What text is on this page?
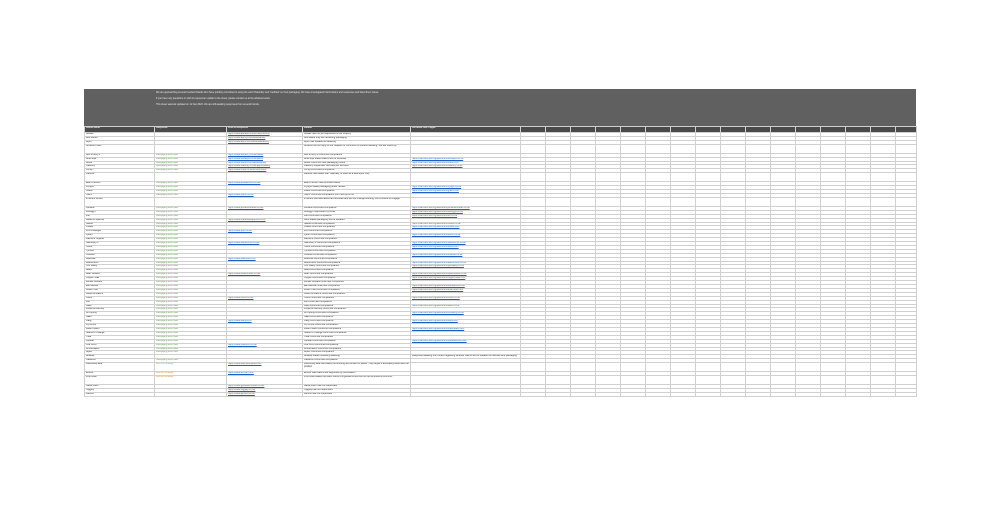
We are approaching several hundred brands who have publicly committed to using the word 'Naturally' and 'Certified' on their packaging. We have investigated brand claims and responses and listed them below.

If you have any questions or wish to request an update to the sheet, please contact us at the address below.

This sheet was last updated on 12 Jan 2022. We are still awaiting responses from several brands.

Brand name	Response	Link to Response	Details	Archived URL Pages																
Adidas		https://www.adidas.com/us/help/returns	Adidas has not yet responded to our enquiry																	
Aldi Stores		https://www.aldi.co.uk/sustainability	Aldi stated they are reviewing packaging																	
Alpro		https://www.alpro.com/uk/sustainability	Alpro has updated its labelling																	
Amazon Fresh			Amazon did not reply to our request for comment on product labelling. We will follow up.																	
Ben & Jerry's	Complying from now	https://www.benjerry.co.uk/values	Ben & Jerry's confirmed compliance																	
Birds Eye	Complying from now	https://www.birdseye.co.uk/about	Birds Eye stated claims will be removed	https://web.archive.org/web/2021/birdseye.co.uk																
Boots	Complying from now	https://www.boots.com/sustainability	Boots confirmed new packaging rollout	https://web.archive.org/web/2021/boots.com																
Cadbury	Complying from now	https://www.cadbury.co.uk/responsibility	Cadbury responded via customer services	https://web.archive.org/web/2021/cadbury.co.uk																
Co-op	Complying from now	https://www.coop.co.uk/environment	Co-op confirmed compliance																	
Danone			Danone has stated that 'Naturally' is used as a descriptor only.																	
Ella's Kitchen	Complying from now	https://www.ellaskitchen.co.uk/	Ella's Kitchen has removed claims																	
Frylight	Complying from now		Frylight stated packaging under review	https://web.archive.org/web/2021/frylight.co.uk																
Graze	Complying from now		Graze confirmed compliance	https://web.archive.org/web/2021/graze.com																
Heinz	Complying from now	https://www.heinz.co.uk/	Heinz confirmed compliance from next print run																	
Innocent Drinks			Innocent has said labels are accurate and will not change wording. We continue to engage.																	
Jordans	Complying from now	https://www.jordanscereals.co.uk/	Jordans confirmed compliance	https://web.archive.org/web/2021/jordanscereals.co.uk																
Kellogg's	Complying from now		Kellogg's responded by email	https://web.archive.org/web/2021/kelloggs.co.uk																
Lidl	Complying from now		Lidl confirmed compliance	https://web.archive.org/web/2021/lidl.co.uk																
Marks & Spencer	Complying from now	https://www.marksandspencer.com/	M&S stated packaging will be updated																	
Nestle	Complying from now		Nestle confirmed compliance	https://web.archive.org/web/2021/nestle.co.uk																
Ocado	Complying from now		Ocado confirmed compliance	https://web.archive.org/web/2021/ocado.com																
Pret A Manger	Complying from now	https://www.pret.co.uk/	Pret confirmed compliance																	
Quorn	Complying from now		Quorn confirmed compliance	https://web.archive.org/web/2021/quorn.co.uk																
Rachel's Organic	Complying from now		Rachel's confirmed compliance																	
Sainsbury's	Complying from now	https://www.sainsburys.co.uk/	Sainsbury's confirmed compliance	https://web.archive.org/web/2021/sainsburys.co.uk																
Tesco	Complying from now		Tesco confirmed compliance	https://web.archive.org/web/2021/tesco.com																
Tyrrells	Complying from now		Tyrrells confirmed compliance																	
Unilever	Complying from now		Unilever confirmed compliance	https://web.archive.org/web/2021/unilever.co.uk																
Waitrose	Complying from now	https://www.waitrose.com/	Waitrose confirmed compliance																	
Warburtons	Complying from now		Warburtons confirmed compliance	https://web.archive.org/web/2021/warburtons.co.uk																
Yeo Valley	Complying from now		Yeo Valley confirmed compliance	https://web.archive.org/web/2021/yeovalley.co.uk																
Alara	Complying from now		Alara confirmed compliance																	
Bear Nibbles	Complying from now	https://www.bearnibbles.co.uk/	Bear confirmed compliance	https://web.archive.org/web/2021/bearnibbles.co.uk																
Clipper Teas	Complying from now		Clipper confirmed compliance	https://web.archive.org/web/2021/clipper-teas.com																
Dorset Cereals	Complying from now		Dorset Cereals confirmed compliance																	
Eat Natural	Complying from now		Eat Natural confirmed compliance	https://web.archive.org/web/2021/eatnatural.co.uk																
Fever-Tree	Complying from now		Fever-Tree confirmed compliance	https://web.archive.org/web/2021/fever-tree.com																
Green & Black's	Complying from now		Green & Black's confirmed compliance																	
Hovis	Complying from now	https://www.hovis.co.uk/	Hovis confirmed compliance	https://web.archive.org/web/2021/hovis.co.uk																
Itsu	Complying from now		Itsu confirmed compliance																	
Kallo	Complying from now		Kallo confirmed compliance	https://web.archive.org/web/2021/kallo.co.uk																
Linda McCartney	Complying from now		Linda McCartney confirmed compliance																	
Mr Kipling	Complying from now		Mr Kipling confirmed compliance	https://web.archive.org/web/2021/mrkipling.co.uk																
Nakd	Complying from now		Nakd confirmed compliance																	
Oatly	Complying from now	https://www.oatly.com/	Oatly confirmed compliance	https://web.archive.org/web/2021/oatly.com																
Pip & Nut	Complying from now		Pip & Nut confirmed compliance																	
Rude Health	Complying from now		Rude Health confirmed compliance	https://web.archive.org/web/2021/rudehealth.com																
Seeds of Change	Complying from now		Seeds of Change confirmed compliance																	
Tilda	Complying from now		Tilda confirmed compliance																	
Upbeat	Complying from now		Upbeat confirmed compliance	https://web.archive.org/web/2021/upbeatdrinks.com																
Vita Coco	Complying from now	https://www.vitacoco.co.uk/	Vita Coco confirmed compliance																	
Whole Earth	Complying from now		Whole Earth confirmed compliance																	
Alpen	Complying from now		Alpen confirmed compliance																	
Bio&Me			Bio&Me stated reviewing labelling	Response awaiting from brand regarding whether claims will be updated on website and packaging																
Cauldron	Complying from now		Cauldron confirmed compliance																	
Deliciously Ella	Will Not Change	https://www.deliciouslyella.com/	Deliciously Ella has stated the wording will remain on packs. They argue it accurately describes the product.																	
Ecover	Will Not Change	https://www.ecover.com/	Ecover said claims are supported by certification																	
Fruit Bowl	Will Not Change		Fruit Bowl stated the claim refers to ingredients and will not be removed at this time.																	
Glebe Farm		https://www.glebefarmfoods.co.uk/	Glebe Farm has not responded																	
Higgidy		https://www.higgidy.co.uk/	Higgidy has not responded																	
Jacobs		https://www.jacobs.co.uk/	Jacobs has not responded																	
